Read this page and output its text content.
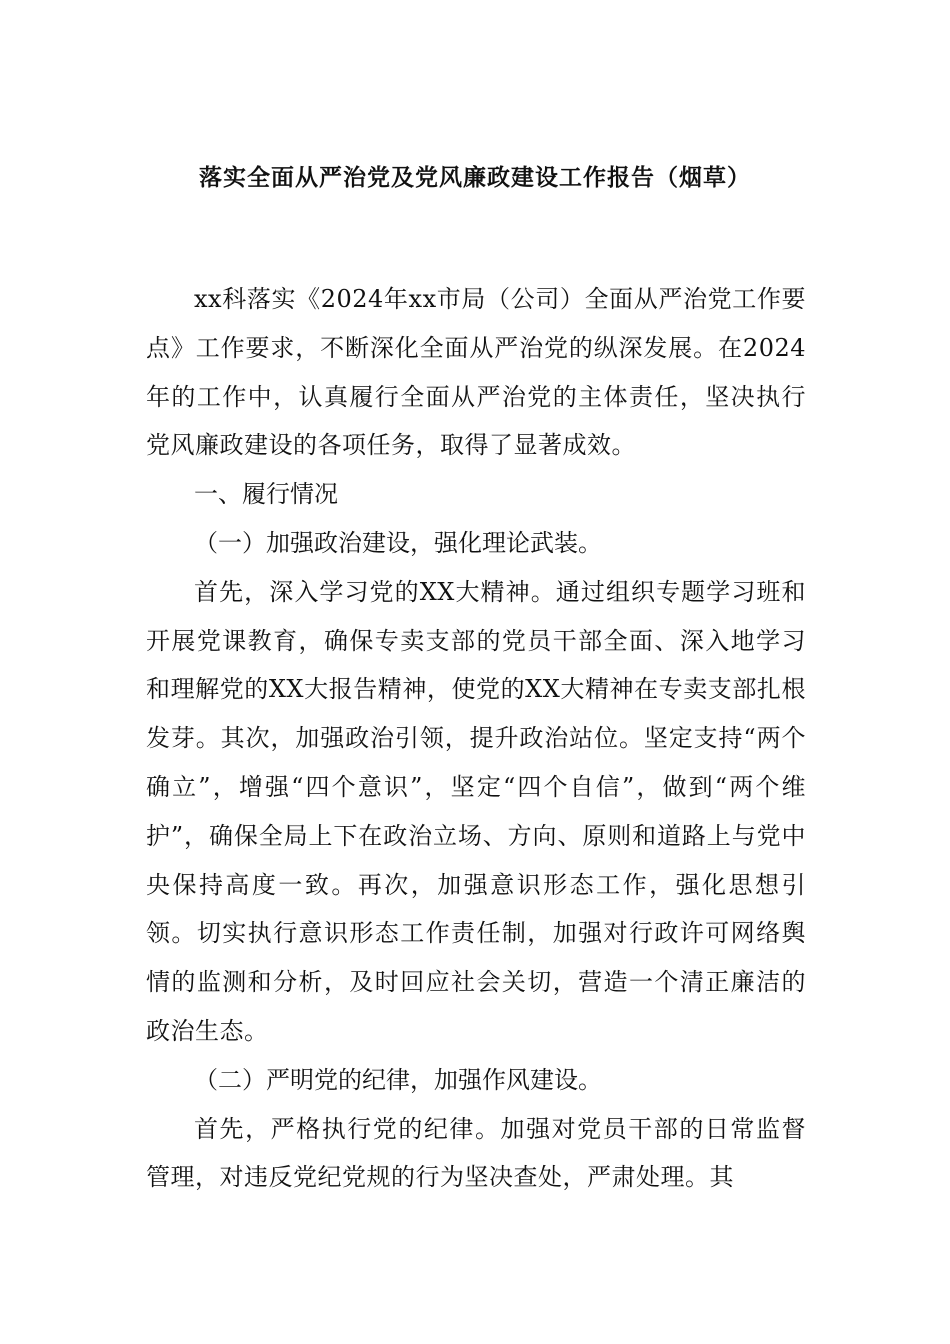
落实全面从严治党及党风廉政建设工作报告（烟草）

xx科落实《2024年xx市局（公司）全面从严治党工作要点》工作要求，不断深化全面从严治党的纵深发展。在2024年的工作中，认真履行全面从严治党的主体责任，坚决执行党风廉政建设的各项任务，取得了显著成效。

一、履行情况

（一）加强政治建设，强化理论武装。

首先，深入学习党的XX大精神。通过组织专题学习班和开展党课教育，确保专卖支部的党员干部全面、深入地学习和理解党的XX大报告精神，使党的XX大精神在专卖支部扎根发芽。其次，加强政治引领，提升政治站位。坚定支持“两个确立”，增强“四个意识”，坚定“四个自信”，做到“两个维护”，确保全局上下在政治立场、方向、原则和道路上与党中央保持高度一致。再次，加强意识形态工作，强化思想引领。切实执行意识形态工作责任制，加强对行政许可网络舆情的监测和分析，及时回应社会关切，营造一个清正廉洁的政治生态。

（二）严明党的纪律，加强作风建设。

首先，严格执行党的纪律。加强对党员干部的日常监督管理，对违反党纪党规的行为坚决查处，严肃处理。其
